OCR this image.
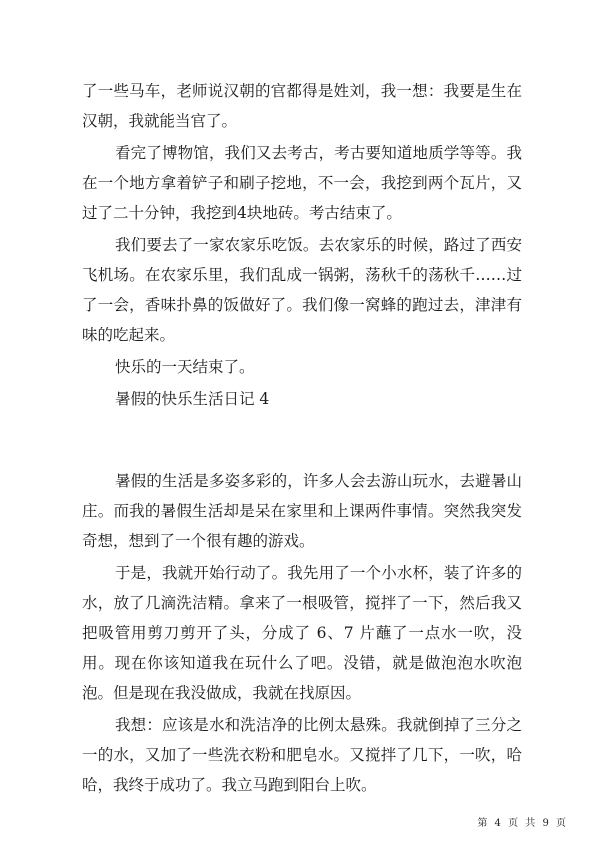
了一些马车，老师说汉朝的官都得是姓刘，我一想：我要是生在汉朝，我就能当官了。

看完了博物馆，我们又去考古，考古要知道地质学等等。我在一个地方拿着铲子和刷子挖地，不一会，我挖到两个瓦片，又过了二十分钟，我挖到4块地砖。考古结束了。

我们要去了一家农家乐吃饭。去农家乐的时候，路过了西安飞机场。在农家乐里，我们乱成一锅粥，荡秋千的荡秋千……过了一会，香味扑鼻的饭做好了。我们像一窝蜂的跑过去，津津有味的吃起来。

快乐的一天结束了。

暑假的快乐生活日记 4

暑假的生活是多姿多彩的，许多人会去游山玩水，去避暑山庄。而我的暑假生活却是呆在家里和上课两件事情。突然我突发奇想，想到了一个很有趣的游戏。

于是，我就开始行动了。我先用了一个小水杯，装了许多的水，放了几滴洗洁精。拿来了一根吸管，搅拌了一下，然后我又把吸管用剪刀剪开了头，分成了 6、7 片蘸了一点水一吹，没用。现在你该知道我在玩什么了吧。没错，就是做泡泡水吹泡泡。但是现在我没做成，我就在找原因。

我想：应该是水和洗洁净的比例太悬殊。我就倒掉了三分之一的水，又加了一些洗衣粉和肥皂水。又搅拌了几下，一吹，哈哈，我终于成功了。我立马跑到阳台上吹。

第 4 页 共 9 页
